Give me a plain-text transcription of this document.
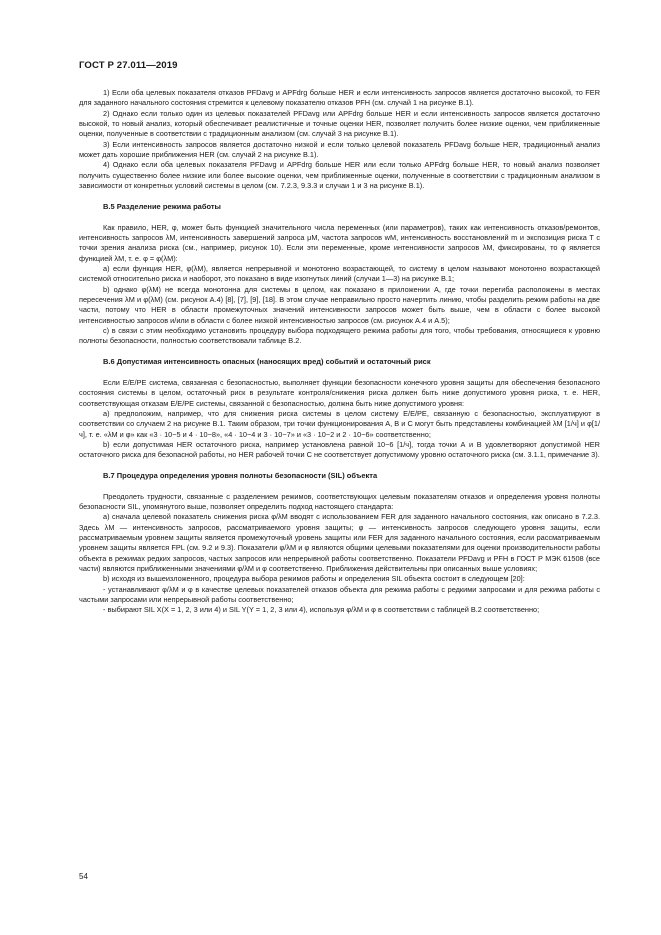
ГОСТ Р 27.011—2019

1) Если оба целевых показателя отказов PFDavg и APFdrg больше HER и если интенсивность запросов является достаточно высокой, то FER для заданного начального состояния стремится к целевому показателю отказов PFH (см. случай 1 на рисунке В.1).

2) Однако если только один из целевых показателей PFDavg или APFdrg больше HER и если интенсивность запросов является достаточно высокой, то новый анализ, который обеспечивает реалистичные и точные оценки HER, позволяет получить более низкие оценки, чем приближенные оценки, полученные в соответствии с традиционным анализом (см. случай 3 на рисунке В.1).

3) Если интенсивность запросов является достаточно низкой и если только целевой показатель PFDavg больше HER, традиционный анализ может дать хорошие приближения HER (см. случай 2 на рисунке В.1).

4) Однако если оба целевых показателя PFDavg и APFdrg больше HER или если только APFdrg больше HER, то новый анализ позволяет получить существенно более низкие или более высокие оценки, чем приближенные оценки, полученные в соответствии с традиционным анализом в зависимости от конкретных условий системы в целом (см. 7.2.3, 9.3.3 и случаи 1 и 3 на рисунке В.1).

В.5 Разделение режима работы

Как правило, HER, φ, может быть функцией значительного числа переменных (или параметров), таких как интенсивность отказов/ремонтов, интенсивность запросов λM, интенсивность завершений запроса μM, частота запросов wM, интенсивность восстановлений m и экспозиция риска T с точки зрения анализа риска (см., например, рисунок 10). Если эти переменные, кроме интенсивности запросов λM, фиксированы, то φ является функцией λM, т. е. φ = φ(λM):

а) если функция HER, φ(λM), является непрерывной и монотонно возрастающей, то систему в целом называют монотонно возрастающей системой относительно риска и наоборот, это показано в виде изогнутых линий (случаи 1—3) на рисунке В.1;

b) однако φ(λM) не всегда монотонна для системы в целом, как показано в приложении А, где точки перегиба расположены в местах пересечения λM и φ(λM) (см. рисунок А.4) [8], [7], [9], [18]. В этом случае неправильно просто начертить линию, чтобы разделить режим работы на две части, потому что HER в области промежуточных значений интенсивности запросов может быть выше, чем в области с более высокой интенсивностью запросов и/или в области с более низкой интенсивностью запросов (см. рисунок А.4 и А.5);

с) в связи с этим необходимо установить процедуру выбора подходящего режима работы для того, чтобы требования, относящиеся к уровню полноты безопасности, полностью соответствовали таблице В.2.

В.6 Допустимая интенсивность опасных (наносящих вред) событий и остаточный риск

Если E/E/PE система, связанная с безопасностью, выполняет функции безопасности конечного уровня защиты для обеспечения безопасного состояния системы в целом, остаточный риск в результате контроля/снижения риска должен быть ниже допустимого уровня риска, т. е. HER, соответствующая отказам E/E/PE системы, связанной с безопасностью, должна быть ниже допустимого уровня:

а) предположим, например, что для снижения риска системы в целом систему E/E/PE, связанную с безопасностью, эксплуатируют в соответствии со случаем 2 на рисунке В.1. Таким образом, три точки функционирования А, В и С могут быть представлены комбинацией λM [1/ч] и φ[1/ч], т. е. «λM и φ» как «3 · 10−5 и 4 · 10−8», «4 · 10−4 и 3 · 10−7» и «3 · 10−2 и 2 · 10−6» соответственно;

b) если допустимая HER остаточного риска, например установлена равной 10−6 [1/ч], тогда точки А и В удовлетворяют допустимой HER остаточного риска для безопасной работы, но HER рабочей точки С не соответствует допустимому уровню остаточного риска (см. 3.1.1, примечание 3).

В.7 Процедура определения уровня полноты безопасности (SIL) объекта

Преодолеть трудности, связанные с разделением режимов, соответствующих целевым показателям отказов и определения уровня полноты безопасности SIL, упомянутого выше, позволяет определить подход настоящего стандарта:

а) сначала целевой показатель снижения риска φ/λM вводят с использованием FER для заданного начального состояния, как описано в 7.2.3. Здесь λM — интенсивность запросов, рассматриваемого уровня защиты; φ — интенсивность запросов следующего уровня защиты, если рассматриваемым уровнем защиты является промежуточный уровень защиты или FER для заданного начального состояния, если рассматриваемым уровнем защиты является FPL (см. 9.2 и 9.3). Показатели φ/λM и φ являются общими целевыми показателями для оценки производительности работы объекта в режимах редких запросов, частых запросов или непрерывной работы соответственно. Показатели PFDavg и PFH в ГОСТ Р МЭК 61508 (все части) являются приближенными значениями φ/λM и φ соответственно. Приближения действительны при описанных выше условиях;

b) исходя из вышеизложенного, процедура выбора режимов работы и определения SIL объекта состоит в следующем [20]:

- устанавливают φ/λM и φ в качестве целевых показателей отказов объекта для режима работы с редкими запросами и для режима работы с частыми запросами или непрерывной работы соответственно;

- выбирают SIL X(X = 1, 2, 3 или 4) и SIL Y(Y = 1, 2, 3 или 4), используя φ/λM и φ в соответствии с таблицей В.2 соответственно;

54
